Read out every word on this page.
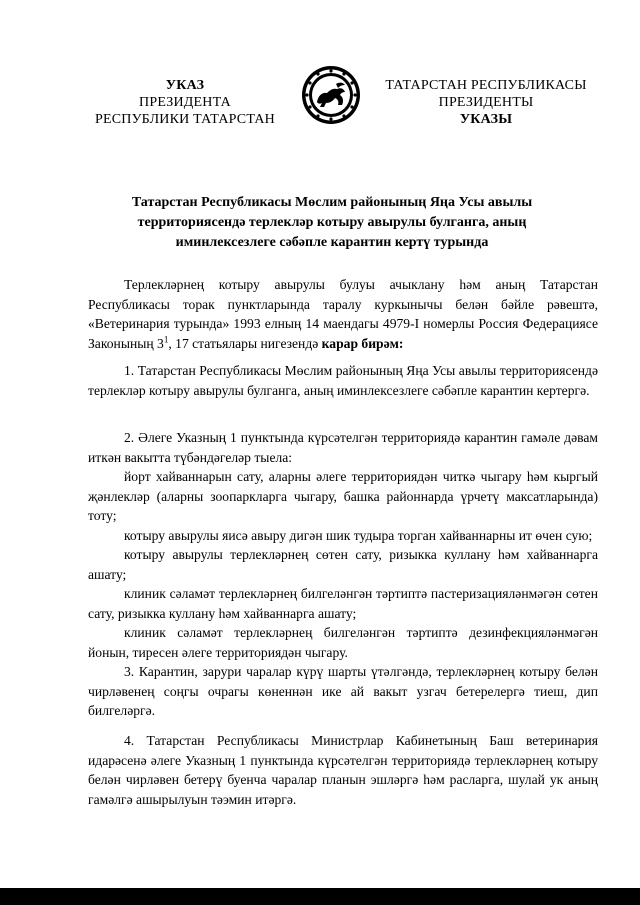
УКАЗ
ПРЕЗИДЕНТА
РЕСПУБЛИКИ ТАТАРСТАН
ТАТАРСТАН РЕСПУБЛИКАСЫ
ПРЕЗИДЕНТЫ
УКАЗЫ
Татарстан Республикасы Мөслим районының Яңа Усы авылы
территориясендә терлекләр котыру авырулы булганга, аның
иминлексезлеге сәбәпле карантин кертү турында

Терлекләрнең котыру авырулы булуы ачыклану һәм аның Татарстан Республикасы торак пунктларында таралу куркынычы белән бәйле рәвештә, «Ветеринария турында» 1993 елның 14 маендагы 4979-I номерлы Россия Федерациясе Законының $3^1$, 17 статьялары нигезендә карар бирәм:

1. Татарстан Республикасы Мөслим районының Яңа Усы авылы территориясендә терлекләр котыру авырулы булганга, аның иминлексезлеге сәбәпле карантин кертергә.

2. Әлеге Указның 1 пунктында күрсәтелгән территориядә карантин гамәле дәвам иткән вакытта түбәндәгеләр тыела:

йорт хайваннарын сату, аларны әлеге территориядән читкә чыгару һәм кыргый җәнлекләр (аларны зоопаркларга чыгару, башка районнарда үрчетү максатларында) тоту;

котыру авырулы яисә авыру дигән шик тудыра торган хайваннарны ит өчен сую;

котыру авырулы терлекләрнең сөтен сату, ризыкка куллану һәм хайваннарга ашату;

клиник сәламәт терлекләрнең билгеләнгән тәртиптә пастеризацияләнмәгән сөтен сату, ризыкка куллану һәм хайваннарга ашату;

клиник сәламәт терлекләрнең билгеләнгән тәртиптә дезинфекцияләнмәгән йонын, тиресен әлеге территориядән чыгару.

3. Карантин, зарури чаралар күрү шарты үтәлгәндә, терлекләрнең котыру белән чирләвенең соңгы очрагы көненнән ике ай вакыт узгач бетерелергә тиеш, дип билгеләргә.

4. Татарстан Республикасы Министрлар Кабинетының Баш ветеринария идарәсенә әлеге Указның 1 пунктында күрсәтелгән территориядә терлекләрнең котыру белән чирләвен бетерү буенча чаралар планын эшләргә һәм расларга, шулай ук аның гамәлгә ашырылуын тәэмин итәргә.
